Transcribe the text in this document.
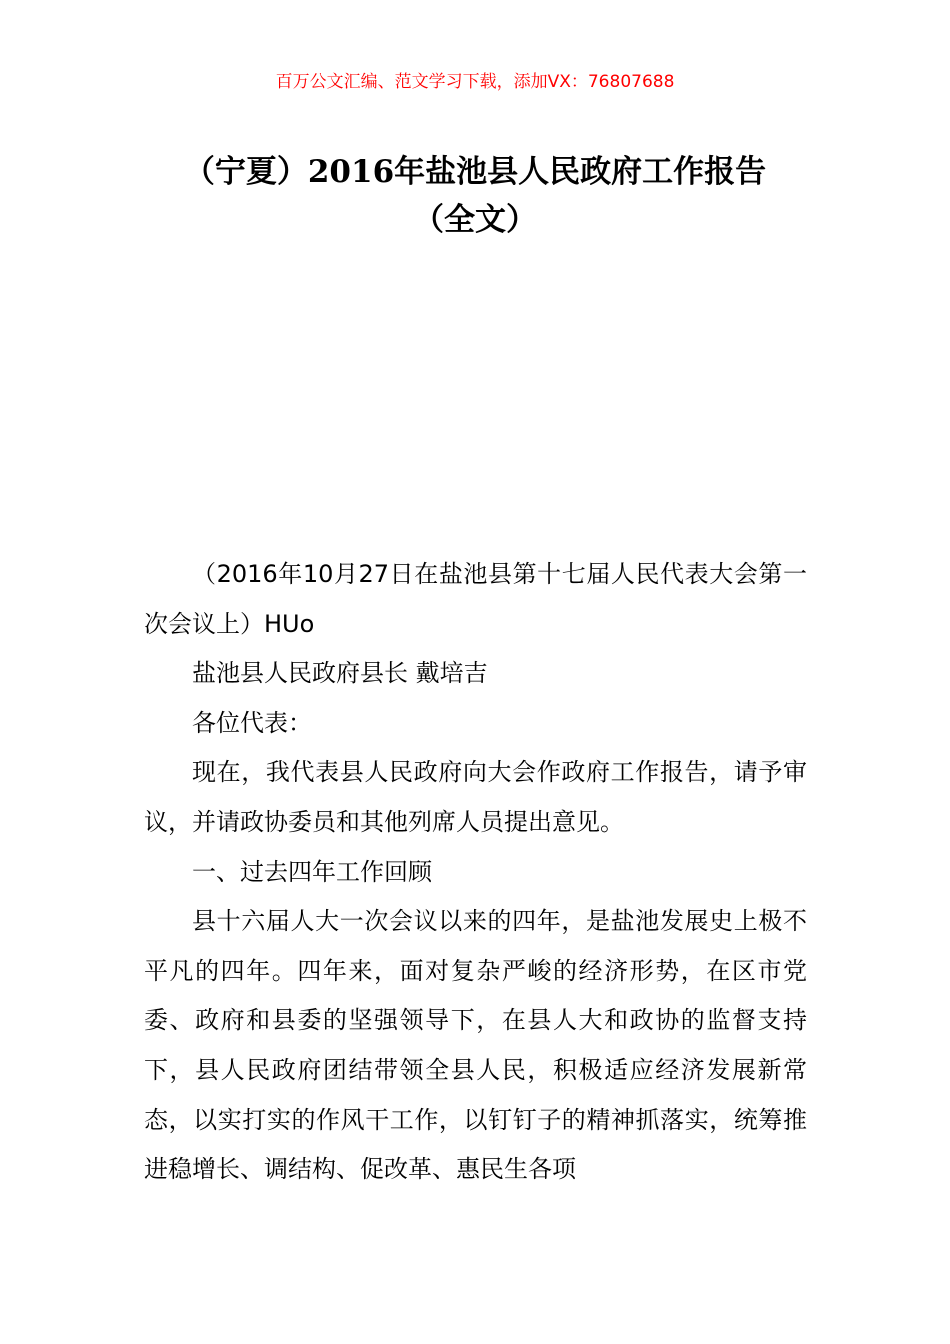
百万公文汇编、范文学习下载，添加VX：76807688
（宁夏）2016年盐池县人民政府工作报告
（全文）

（2016年10月27日在盐池县第十七届人民代表大会第一次会议上）HUo

盐池县人民政府县长 戴培吉

各位代表：

现在，我代表县人民政府向大会作政府工作报告，请予审议，并请政协委员和其他列席人员提出意见。

一、过去四年工作回顾

县十六届人大一次会议以来的四年，是盐池发展史上极不平凡的四年。四年来，面对复杂严峻的经济形势，在区市党委、政府和县委的坚强领导下，在县人大和政协的监督支持下，县人民政府团结带领全县人民，积极适应经济发展新常态，以实打实的作风干工作，以钉钉子的精神抓落实，统筹推进稳增长、调结构、促改革、惠民生各项
